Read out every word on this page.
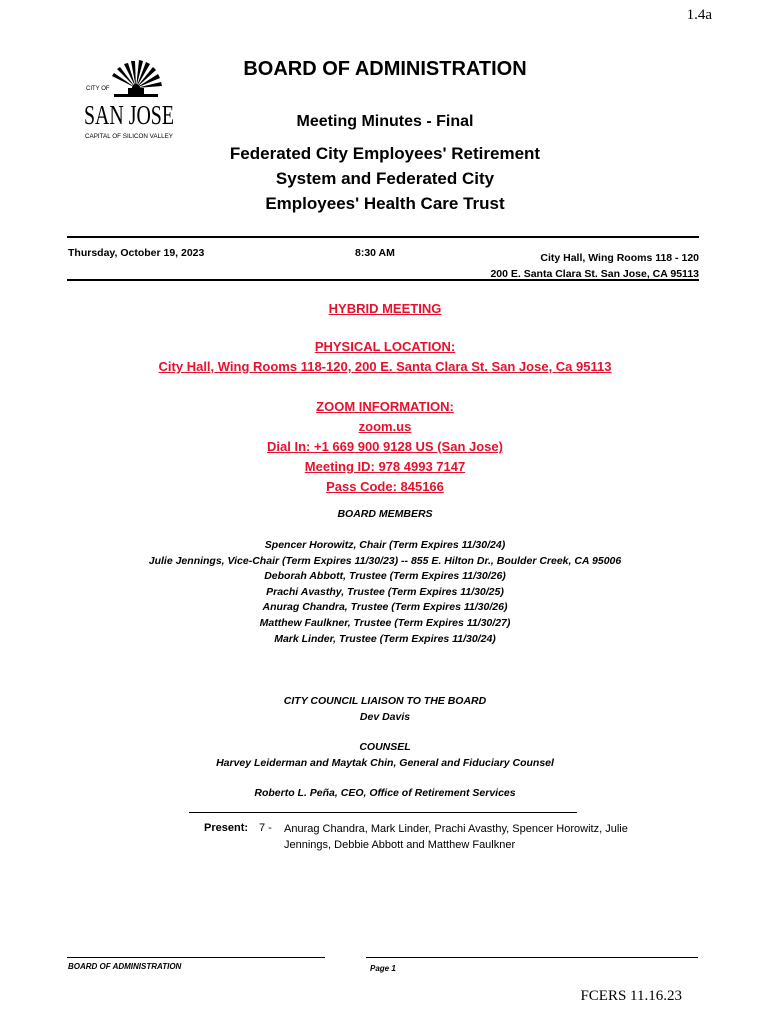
1.4a
CITY OF
SAN JOSE
CAPITAL OF SILICON VALLEY
BOARD OF ADMINISTRATION
Meeting Minutes - Final
Federated City Employees' Retirement
System and Federated City
Employees' Health Care Trust
Thursday, October 19, 2023	8:30 AM	City Hall, Wing Rooms 118 - 120
200 E. Santa Clara St. San Jose, CA 95113
HYBRID MEETING
PHYSICAL LOCATION:
City Hall, Wing Rooms 118-120, 200 E. Santa Clara St. San Jose, Ca 95113
ZOOM INFORMATION:
zoom.us
Dial In: +1 669 900 9128 US (San Jose)
Meeting ID: 978 4993 7147
Pass Code: 845166
BOARD MEMBERS
Spencer Horowitz, Chair (Term Expires 11/30/24)
Julie Jennings, Vice-Chair (Term Expires 11/30/23) -- 855 E. Hilton Dr., Boulder Creek, CA 95006
Deborah Abbott, Trustee (Term Expires 11/30/26)
Prachi Avasthy, Trustee (Term Expires 11/30/25)
Anurag Chandra, Trustee (Term Expires 11/30/26)
Matthew Faulkner, Trustee (Term Expires 11/30/27)
Mark Linder, Trustee (Term Expires 11/30/24)
CITY COUNCIL LIAISON TO THE BOARD
Dev Davis
COUNSEL
Harvey Leiderman and Maytak Chin, General and Fiduciary Counsel
Roberto L. Peña, CEO, Office of Retirement Services
Present: 7 - Anurag Chandra, Mark Linder, Prachi Avasthy, Spencer Horowitz, Julie Jennings, Debbie Abbott and Matthew Faulkner
BOARD OF ADMINISTRATION	Page 1
FCERS 11.16.23
